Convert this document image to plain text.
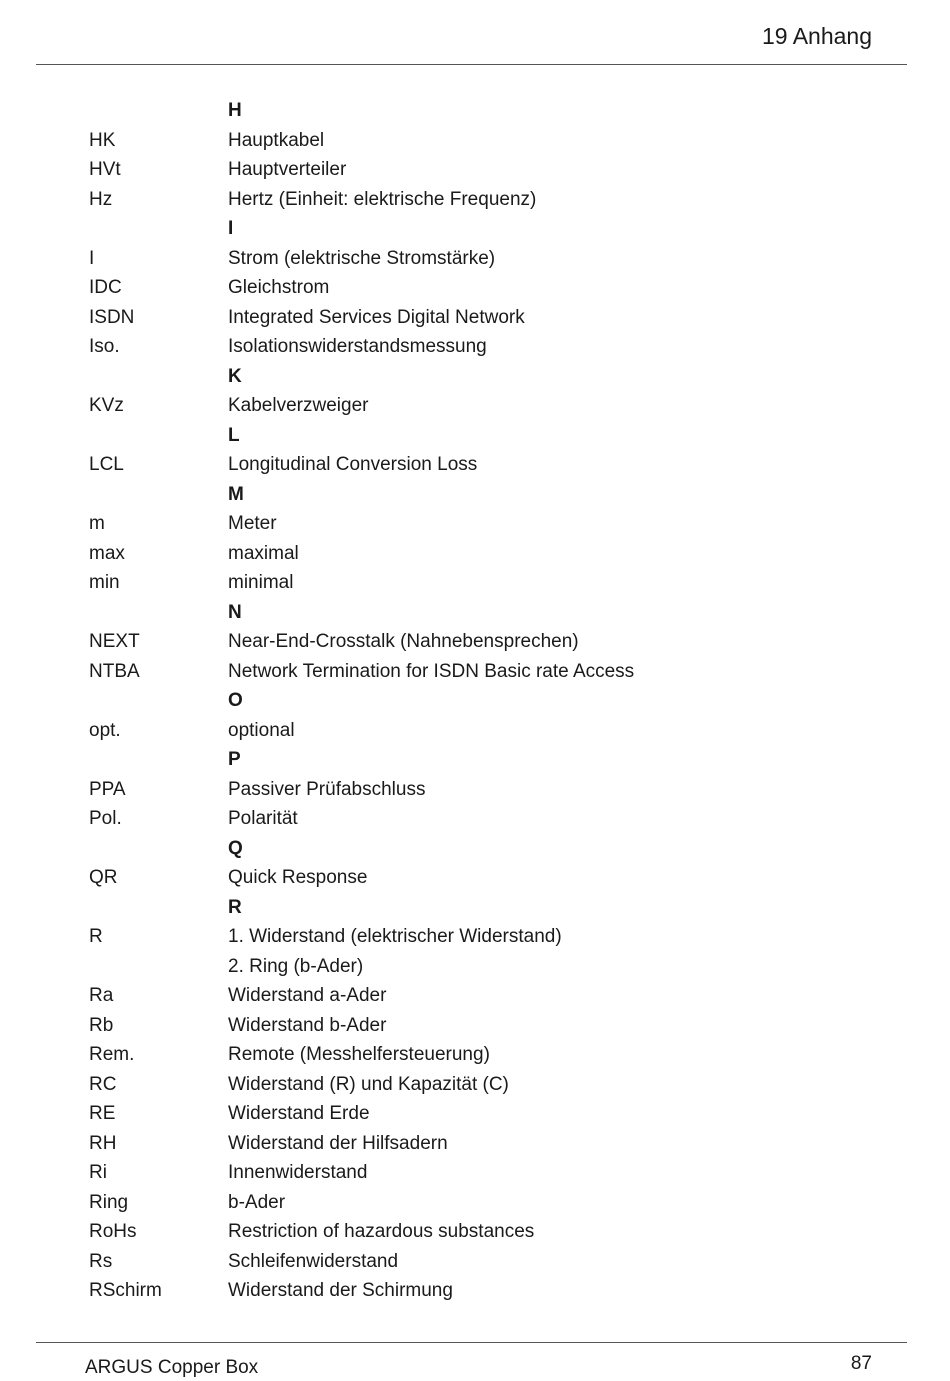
19 Anhang
H
HK	Hauptkabel
HVt	Hauptverteiler
Hz	Hertz (Einheit: elektrische Frequenz)
I
I	Strom (elektrische Stromstärke)
IDC	Gleichstrom
ISDN	Integrated Services Digital Network
Iso.	Isolationswiderstandsmessung
K
KVz	Kabelverzweiger
L
LCL	Longitudinal Conversion Loss
M
m	Meter
max	maximal
min	minimal
N
NEXT	Near-End-Crosstalk (Nahnebensprechen)
NTBA	Network Termination for ISDN Basic rate Access
O
opt.	optional
P
PPA	Passiver Prüfabschluss
Pol.	Polarität
Q
QR	Quick Response
R
R	1. Widerstand (elektrischer Widerstand)
2. Ring (b-Ader)
Ra	Widerstand a-Ader
Rb	Widerstand b-Ader
Rem.	Remote (Messhelfersteuerung)
RC	Widerstand (R) und Kapazität (C)
RE	Widerstand Erde
RH	Widerstand der Hilfsadern
Ri	Innenwiderstand
Ring	b-Ader
RoHs	Restriction of hazardous substances
Rs	Schleifenwiderstand
RSchirm	Widerstand der Schirmung
ARGUS Copper Box	87
